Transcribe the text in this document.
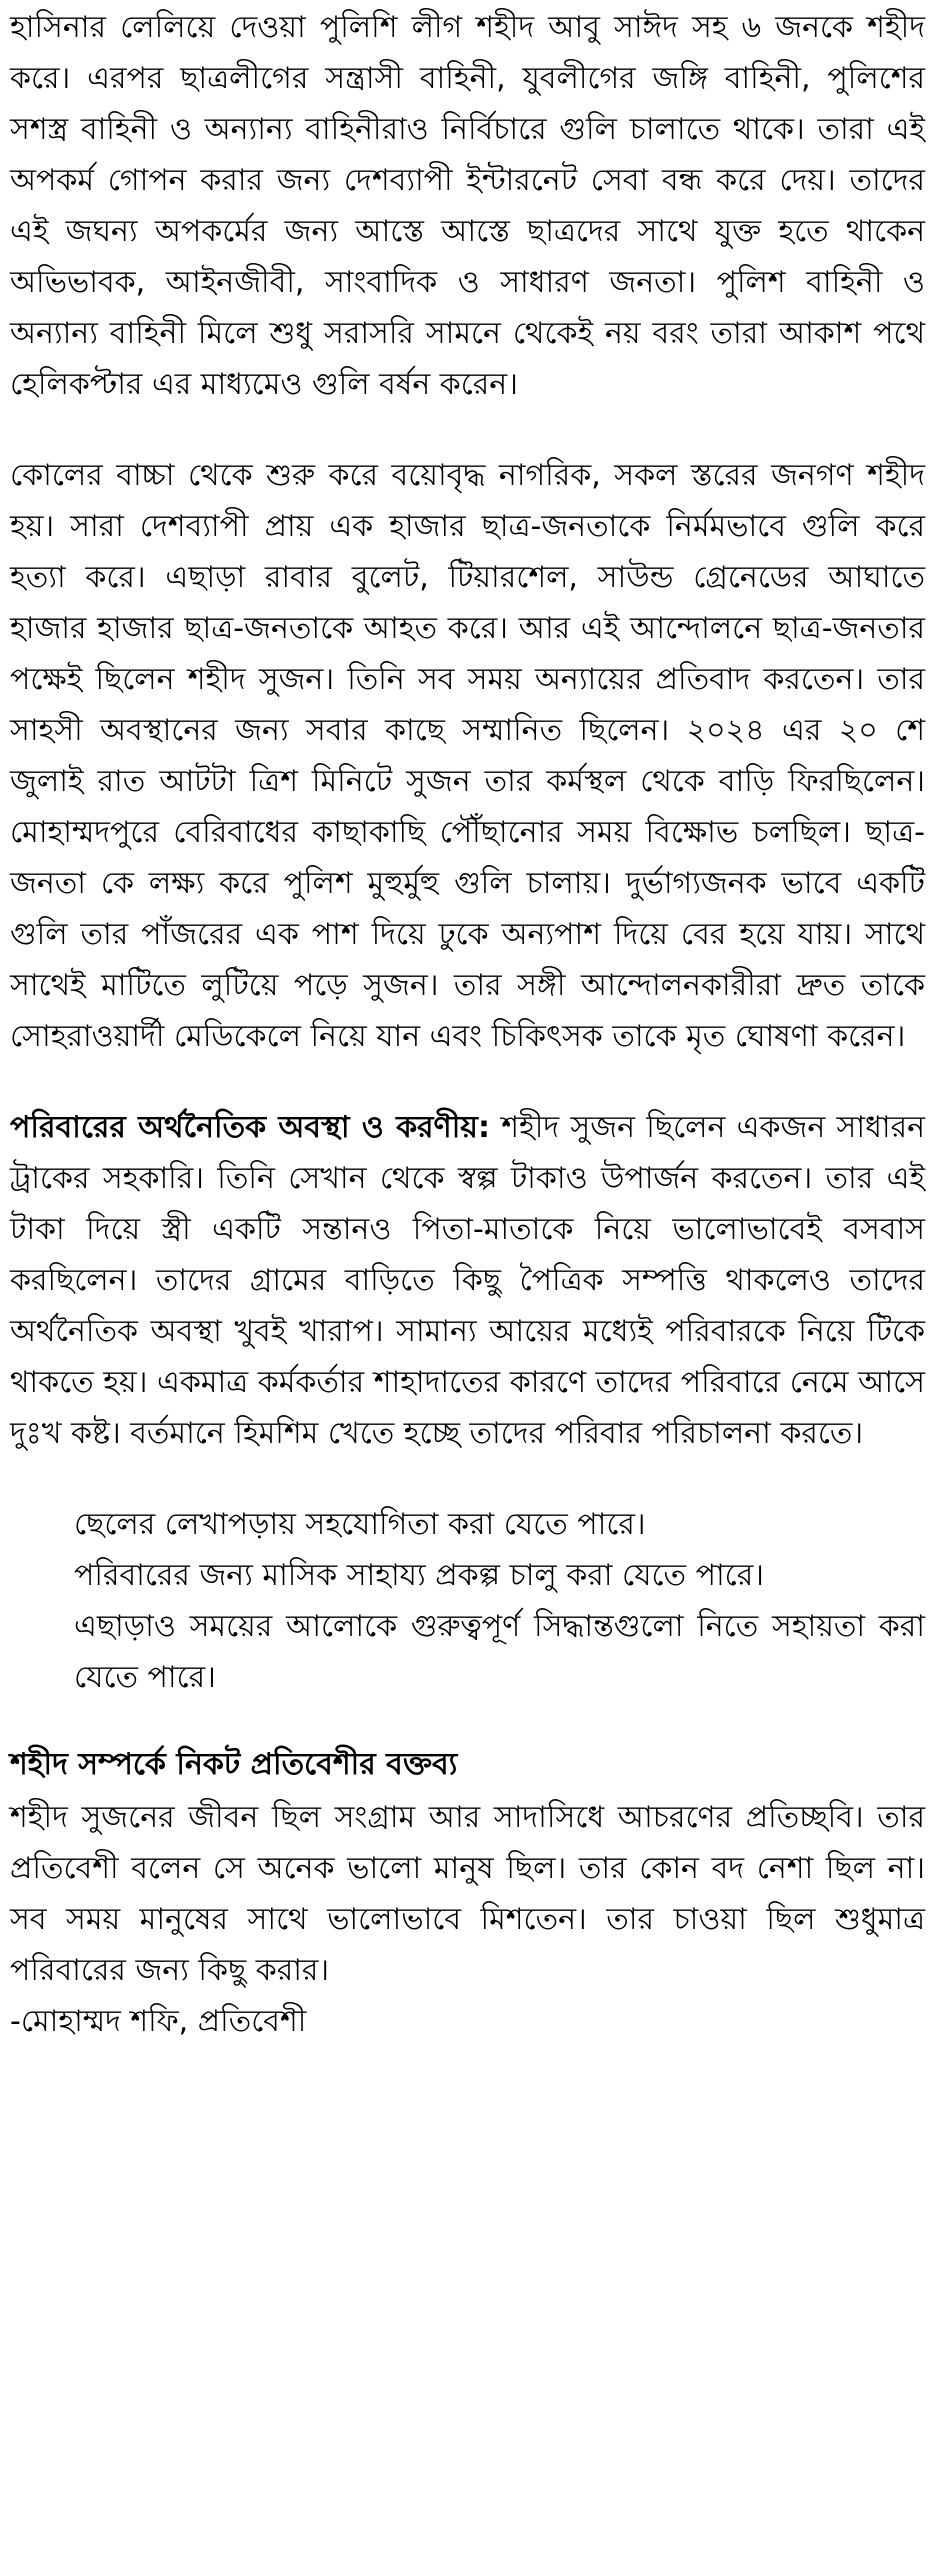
হাসিনার লেলিয়ে দেওয়া পুলিশি লীগ শহীদ আবু সাঈদ সহ ৬ জনকে শহীদ করে। এরপর ছাত্রলীগের সন্ত্রাসী বাহিনী, যুবলীগের জঙ্গি বাহিনী, পুলিশের সশস্ত্র বাহিনী ও অন্যান্য বাহিনীরাও নির্বিচারে গুলি চালাতে থাকে। তারা এই অপকর্ম গোপন করার জন্য দেশব্যাপী ইন্টারনেট সেবা বন্ধ করে দেয়। তাদের এই জঘন্য অপকর্মের জন্য আস্তে আস্তে ছাত্রদের সাথে যুক্ত হতে থাকেন অভিভাবক, আইনজীবী, সাংবাদিক ও সাধারণ জনতা। পুলিশ বাহিনী ও অন্যান্য বাহিনী মিলে শুধু সরাসরি সামনে থেকেই নয় বরং তারা আকাশ পথে হেলিকপ্টার এর মাধ্যমেও গুলি বর্ষন করেন।

কোলের বাচ্চা থেকে শুরু করে বয়োবৃদ্ধ নাগরিক, সকল স্তরের জনগণ শহীদ হয়। সারা দেশব্যাপী প্রায় এক হাজার ছাত্র-জনতাকে নির্মমভাবে গুলি করে হত্যা করে। এছাড়া রাবার বুলেট, টিয়ারশেল, সাউন্ড গ্রেনেডের আঘাতে হাজার হাজার ছাত্র-জনতাকে আহত করে। আর এই আন্দোলনে ছাত্র-জনতার পক্ষেই ছিলেন শহীদ সুজন। তিনি সব সময় অন্যায়ের প্রতিবাদ করতেন। তার সাহসী অবস্থানের জন্য সবার কাছে সম্মানিত ছিলেন। ২০২৪ এর ২০ শে জুলাই রাত আটটা ত্রিশ মিনিটে সুজন তার কর্মস্থল থেকে বাড়ি ফিরছিলেন। মোহাম্মদপুরে বেরিবাধের কাছাকাছি পৌঁছানোর সময় বিক্ষোভ চলছিল। ছাত্র-জনতা কে লক্ষ্য করে পুলিশ মুহুর্মুহু গুলি চালায়। দুর্ভাগ্যজনক ভাবে একটি গুলি তার পাঁজরের এক পাশ দিয়ে ঢুকে অন্যপাশ দিয়ে বের হয়ে যায়। সাথে সাথেই মাটিতে লুটিয়ে পড়ে সুজন। তার সঙ্গী আন্দোলনকারীরা দ্রুত তাকে সোহরাওয়ার্দী মেডিকেলে নিয়ে যান এবং চিকিৎসক তাকে মৃত ঘোষণা করেন।

পরিবারের অর্থনৈতিক অবস্থা ও করণীয়: শহীদ সুজন ছিলেন একজন সাধারন ট্রাকের সহকারি। তিনি সেখান থেকে স্বল্প টাকাও উপার্জন করতেন। তার এই টাকা দিয়ে স্ত্রী একটি সন্তানও পিতা-মাতাকে নিয়ে ভালোভাবেই বসবাস করছিলেন। তাদের গ্রামের বাড়িতে কিছু পৈত্রিক সম্পত্তি থাকলেও তাদের অর্থনৈতিক অবস্থা খুবই খারাপ। সামান্য আয়ের মধ্যেই পরিবারকে নিয়ে টিকে থাকতে হয়। একমাত্র কর্মকর্তার শাহাদাতের কারণে তাদের পরিবারে নেমে আসে দুঃখ কষ্ট। বর্তমানে হিমশিম খেতে হচ্ছে তাদের পরিবার পরিচালনা করতে।

ছেলের লেখাপড়ায় সহযোগিতা করা যেতে পারে।
পরিবারের জন্য মাসিক সাহায্য প্রকল্প চালু করা যেতে পারে।
এছাড়াও সময়ের আলোকে গুরুত্বপূর্ণ সিদ্ধান্তগুলো নিতে সহায়তা করা যেতে পারে।
শহীদ সম্পর্কে নিকট প্রতিবেশীর বক্তব্য

শহীদ সুজনের জীবন ছিল সংগ্রাম আর সাদাসিধে আচরণের প্রতিচ্ছবি। তার প্রতিবেশী বলেন সে অনেক ভালো মানুষ ছিল। তার কোন বদ নেশা ছিল না। সব সময় মানুষের সাথে ভালোভাবে মিশতেন। তার চাওয়া ছিল শুধুমাত্র পরিবারের জন্য কিছু করার।

-মোহাম্মদ শফি, প্রতিবেশী
